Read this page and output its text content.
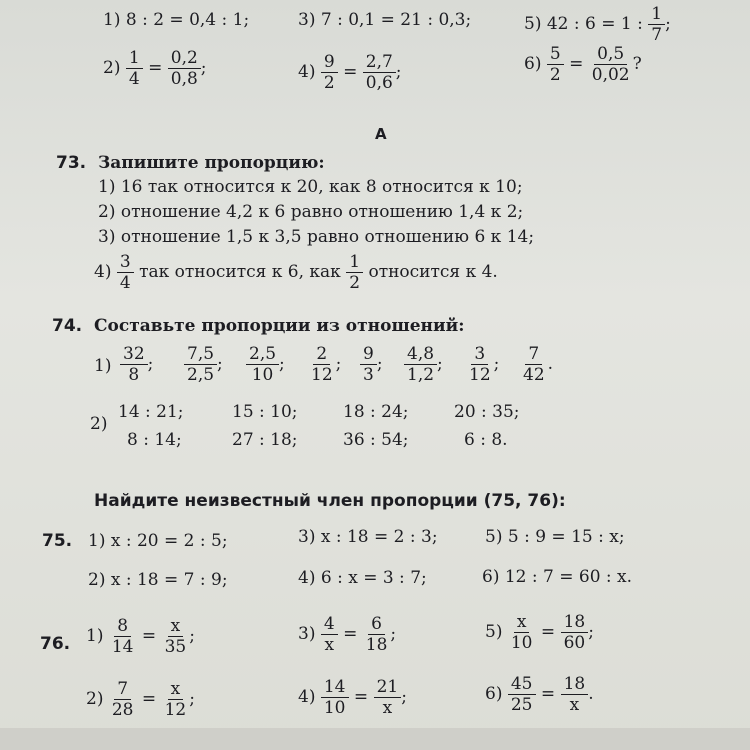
1) 8 : 2 = 0,4 : 1;	3) 7 : 0,1 = 21 : 0,3;	5) 42 : 6 = 1 : $\frac{1}{7}$ ;
$2) \frac{1}{4} = \frac{0,2}{0,8}$ ;	$4) \frac{9}{2} = \frac{2,7}{0,6}$ ;	$6) \frac{5}{2} = \frac{0,5}{0,02}$ ?
А
73. Запишите пропорцию:
1) 16 так относится к 20, как 8 относится к 10;
2) отношение 4,2 к 6 равно отношению 1,4 к 2;
3) отношение 1,5 к 3,5 равно отношению 6 к 14;
$4) \frac{3}{4}$ так относится к 6, как $\frac{1}{2}$ относится к 4.
74. Составьте пропорции из отношений:
$1) \frac{32}{8}$ ; $\frac{7,5}{2,5}$ ; $\frac{2,5}{10}$ ; $\frac{2}{12}$ ; $\frac{9}{3}$ ; $\frac{4,8}{1,2}$ ; $\frac{3}{12}$ ; $\frac{7}{42}$ .
2)
14 : 21;	15 : 10;	18 : 24;	20 : 35;
8 : 14;	27 : 18;	36 : 54;	6 : 8.
Найдите неизвестный член пропорции (75, 76):
75. 1) x : 20 = 2 : 5;	3) x : 18 = 2 : 3;	5) 5 : 9 = 15 : x;
2) x : 18 = 7 : 9;	4) 6 : x = 3 : 7;	6) 12 : 7 = 60 : x.
76. $1) \frac{8}{14} = \frac{x}{35}$ ;	$3) \frac{4}{x} = \frac{6}{18}$ ;	$5) \frac{x}{10} = \frac{18}{60}$ ;
$2) \frac{7}{28} = \frac{x}{12}$ ;	$4) \frac{14}{10} = \frac{21}{x}$ ;	$6) \frac{45}{25} = \frac{18}{x}$ .
